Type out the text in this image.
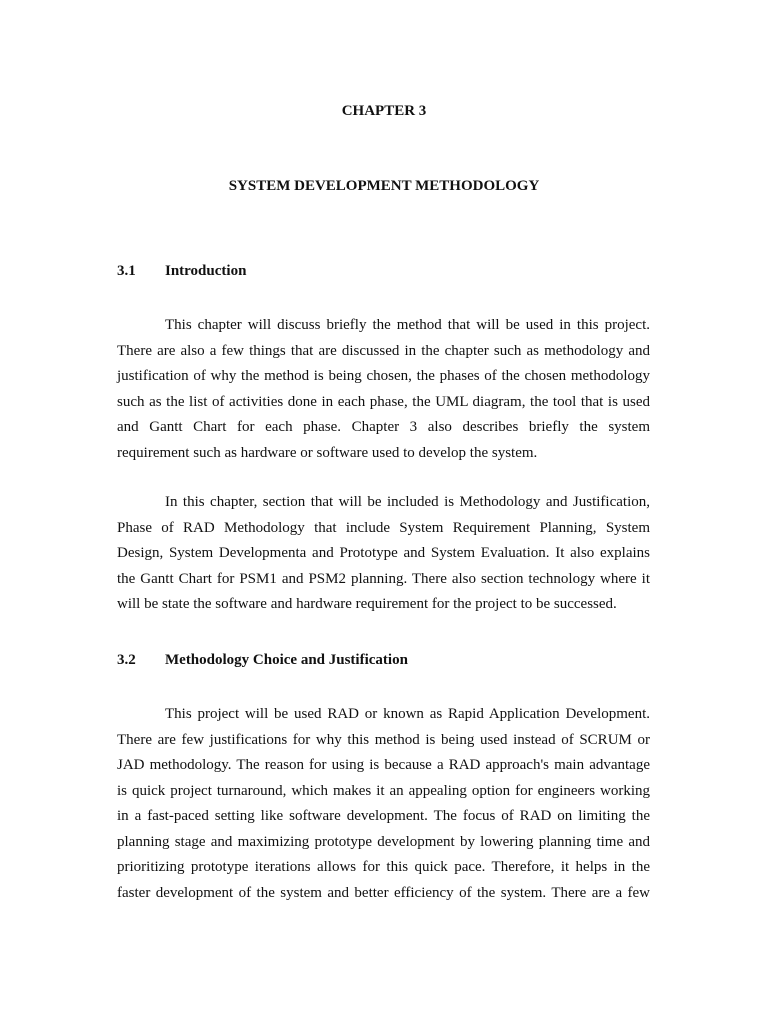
CHAPTER 3
SYSTEM DEVELOPMENT METHODOLOGY
3.1 Introduction
This chapter will discuss briefly the method that will be used in this project.
There are also a few things that are discussed in the chapter such as methodology and
justification of why the method is being chosen, the phases of the chosen methodology
such as the list of activities done in each phase, the UML diagram, the tool that is used
and Gantt Chart for each phase. Chapter 3 also describes briefly the system
requirement such as hardware or software used to develop the system.
In this chapter, section that will be included is Methodology and Justification,
Phase of RAD Methodology that include System Requirement Planning, System
Design, System Developmenta and Prototype and System Evaluation. It also explains
the Gantt Chart for PSM1 and PSM2 planning. There also section technology where it
will be state the software and hardware requirement for the project to be successed.
3.2 Methodology Choice and Justification
This project will be used RAD or known as Rapid Application Development.
There are few justifications for why this method is being used instead of SCRUM or
JAD methodology. The reason for using is because a RAD approach's main advantage
is quick project turnaround, which makes it an appealing option for engineers working
in a fast-paced setting like software development. The focus of RAD on limiting the
planning stage and maximizing prototype development by lowering planning time and
prioritizing prototype iterations allows for this quick pace. Therefore, it helps in the
faster development of the system and better efficiency of the system. There are a few
